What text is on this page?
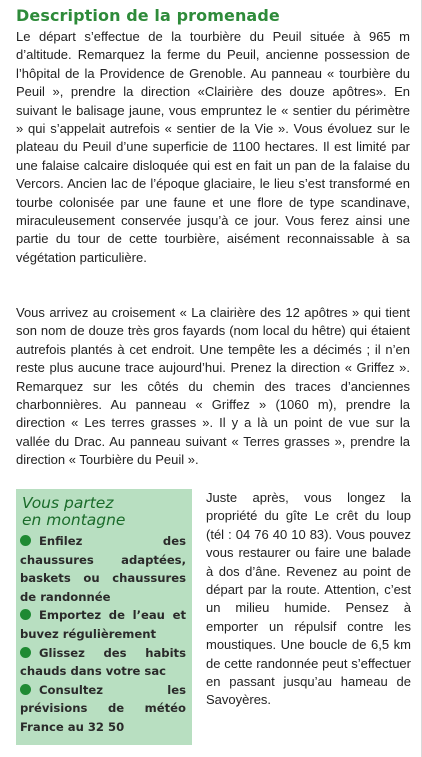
Description de la promenade

Le départ s’effectue de la tourbière du Peuil située à 965 m d’altitude. Remarquez la ferme du Peuil, ancienne possession de l’hôpital de la Providence de Grenoble. Au panneau « tourbière du Peuil », prendre la direction «Clairière des douze apôtres». En suivant le balisage jaune, vous empruntez le « sentier du périmètre » qui s’appelait autrefois « sentier de la Vie ». Vous évoluez sur le plateau du Peuil d’une superficie de 1100 hectares. Il est limité par une falaise calcaire disloquée qui est en fait un pan de la falaise du Vercors. Ancien lac de l’époque glaciaire, le lieu s’est transformé en tourbe colonisée par une faune et une flore de type scandinave, miraculeusement conservée jusqu’à ce jour. Vous ferez ainsi une partie du tour de cette tourbière, aisément reconnaissable à sa végétation particulière.

Vous arrivez au croisement « La clairière des 12 apôtres » qui tient son nom de douze très gros fayards (nom local du hêtre) qui étaient autrefois plantés à cet endroit. Une tempête les a décimés ; il n’en reste plus aucune trace aujourd’hui. Prenez la direction « Griffez ». Remarquez sur les côtés du chemin des traces d’anciennes charbonnières. Au panneau « Griffez » (1060 m), prendre la direction « Les terres grasses ». Il y a là un point de vue sur la vallée du Drac. Au panneau suivant « Terres grasses », prendre la direction « Tourbière du Peuil ».

Vous partez
en montagne
Enfilez des chaussures adaptées, baskets ou chaussures de randonnée
Emportez de l’eau et buvez régulièrement
Glissez des habits chauds dans votre sac
Consultez les prévisions de météo France au 32 50

Juste après, vous longez la propriété du gîte Le crêt du loup (tél : 04 76 40 10 83). Vous pouvez vous restaurer ou faire une balade à dos d’âne. Revenez au point de départ par la route. Attention, c’est un milieu humide. Pensez à emporter un répulsif contre les moustiques. Une boucle de 6,5 km de cette randonnée peut s’effectuer en passant jusqu’au hameau de Savoyères.
